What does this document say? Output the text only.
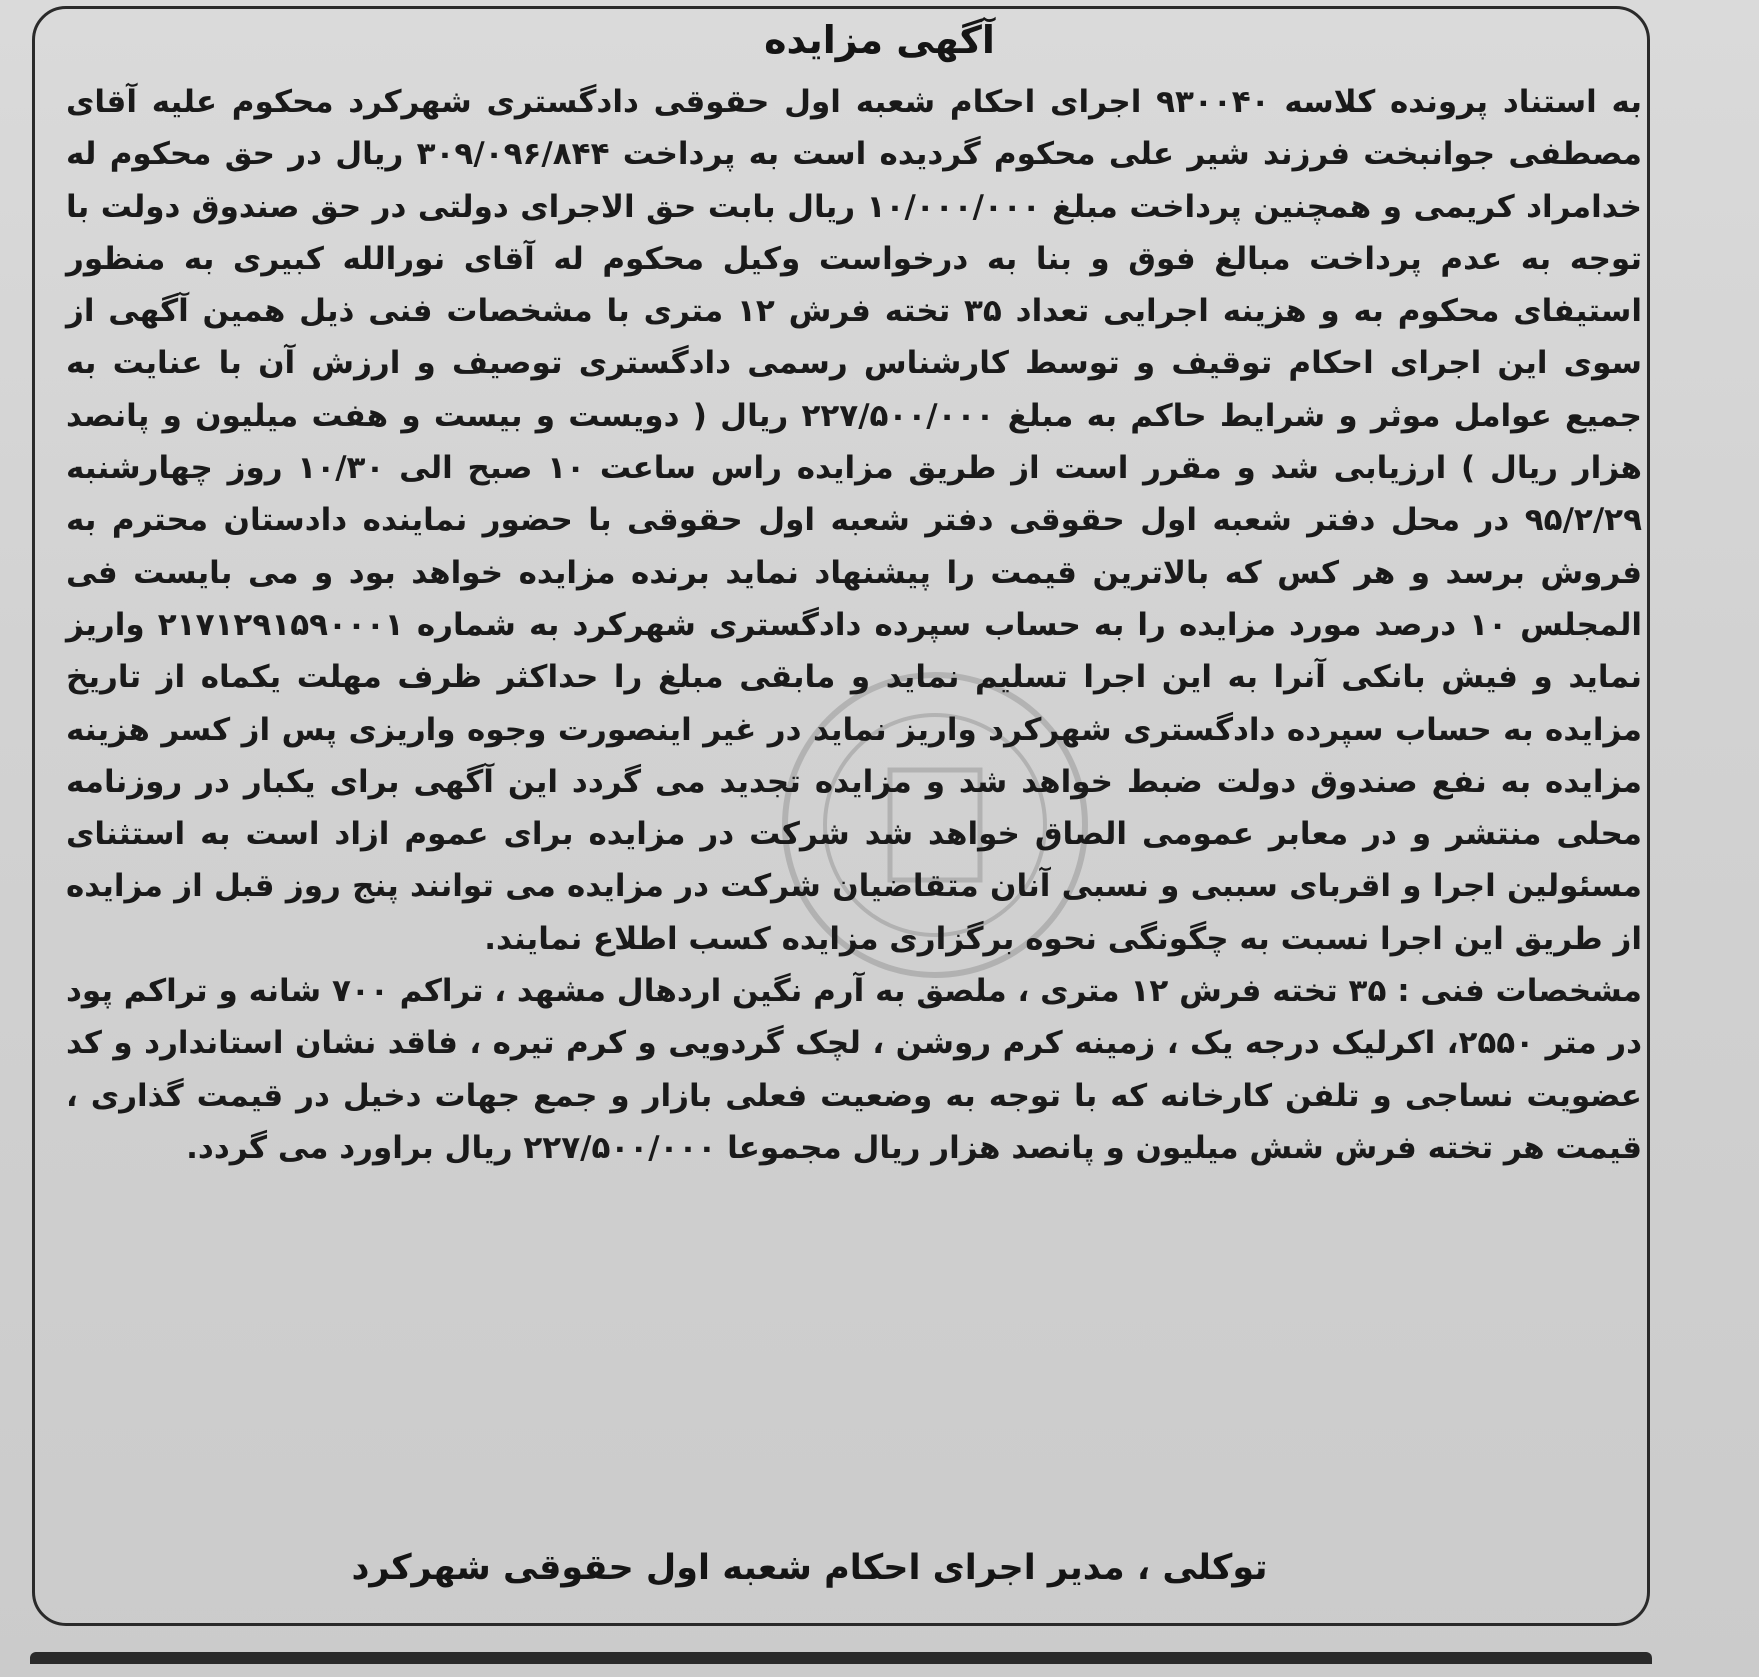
آگهی مزایده

به استناد پرونده کلاسه ۹۳۰۰۴۰ اجرای احکام شعبه اول حقوقی دادگستری شهرکرد محکوم علیه آقای مصطفی جوانبخت فرزند شیر علی محکوم گردیده است به پرداخت ۳۰۹/۰۹۶/۸۴۴ ریال در حق محکوم له خدامراد کریمی و همچنین پرداخت مبلغ ۱۰/۰۰۰/۰۰۰ ریال بابت حق الاجرای دولتی در حق صندوق دولت با توجه به عدم پرداخت مبالغ فوق و بنا به درخواست وکیل محکوم له آقای نورالله کبیری به منظور استیفای محکوم به و هزینه اجرایی تعداد ۳۵ تخته فرش ۱۲ متری با مشخصات فنی ذیل همین آگهی از سوی این اجرای احکام توقیف و توسط کارشناس رسمی دادگستری توصیف و ارزش آن با عنایت به جمیع عوامل موثر و شرایط حاکم به مبلغ ۲۲۷/۵۰۰/۰۰۰ ریال ( دویست و بیست و هفت میلیون و پانصد هزار ریال ) ارزیابی شد و مقرر است از طریق مزایده راس ساعت ۱۰ صبح الی ۱۰/۳۰ روز چهارشنبه ۹۵/۲/۲۹ در محل دفتر شعبه اول حقوقی دفتر شعبه اول حقوقی با حضور نماینده دادستان محترم به فروش برسد و هر کس که بالاترین قیمت را پیشنهاد نماید برنده مزایده خواهد بود و می بایست فی المجلس ۱۰ درصد مورد مزایده را به حساب سپرده دادگستری شهرکرد به شماره ۲۱۷۱۲۹۱۵۹۰۰۰۱ واریز نماید و فیش بانکی آنرا به این اجرا تسلیم نماید و مابقی مبلغ را حداکثر ظرف مهلت یکماه از تاریخ مزایده به حساب سپرده دادگستری شهرکرد واریز نماید در غیر اینصورت وجوه واریزی پس از کسر هزینه مزایده به نفع صندوق دولت ضبط خواهد شد و مزایده تجدید می گردد این آگهی برای یکبار در روزنامه محلی منتشر و در معابر عمومی الصاق خواهد شد شرکت در مزایده برای عموم ازاد است به استثنای مسئولین اجرا و اقربای سببی و نسبی آنان متقاضیان شرکت در مزایده می توانند پنج روز قبل از مزایده از طریق این اجرا نسبت به چگونگی نحوه برگزاری مزایده کسب اطلاع نمایند.

مشخصات فنی : ۳۵ تخته فرش ۱۲ متری ، ملصق به آرم نگین اردهال مشهد ، تراکم ۷۰۰ شانه و تراکم پود در متر ۲۵۵۰، اکرلیک درجه یک ، زمینه کرم روشن ، لچک گردویی و کرم تیره ، فاقد نشان استاندارد و کد عضویت نساجی و تلفن کارخانه که با توجه به وضعیت فعلی بازار و جمع جهات دخیل در قیمت گذاری ، قیمت هر تخته فرش شش میلیون و پانصد هزار ریال مجموعا ۲۲۷/۵۰۰/۰۰۰ ریال براورد می گردد.

توکلی ، مدیر اجرای احکام شعبه اول حقوقی شهرکرد
